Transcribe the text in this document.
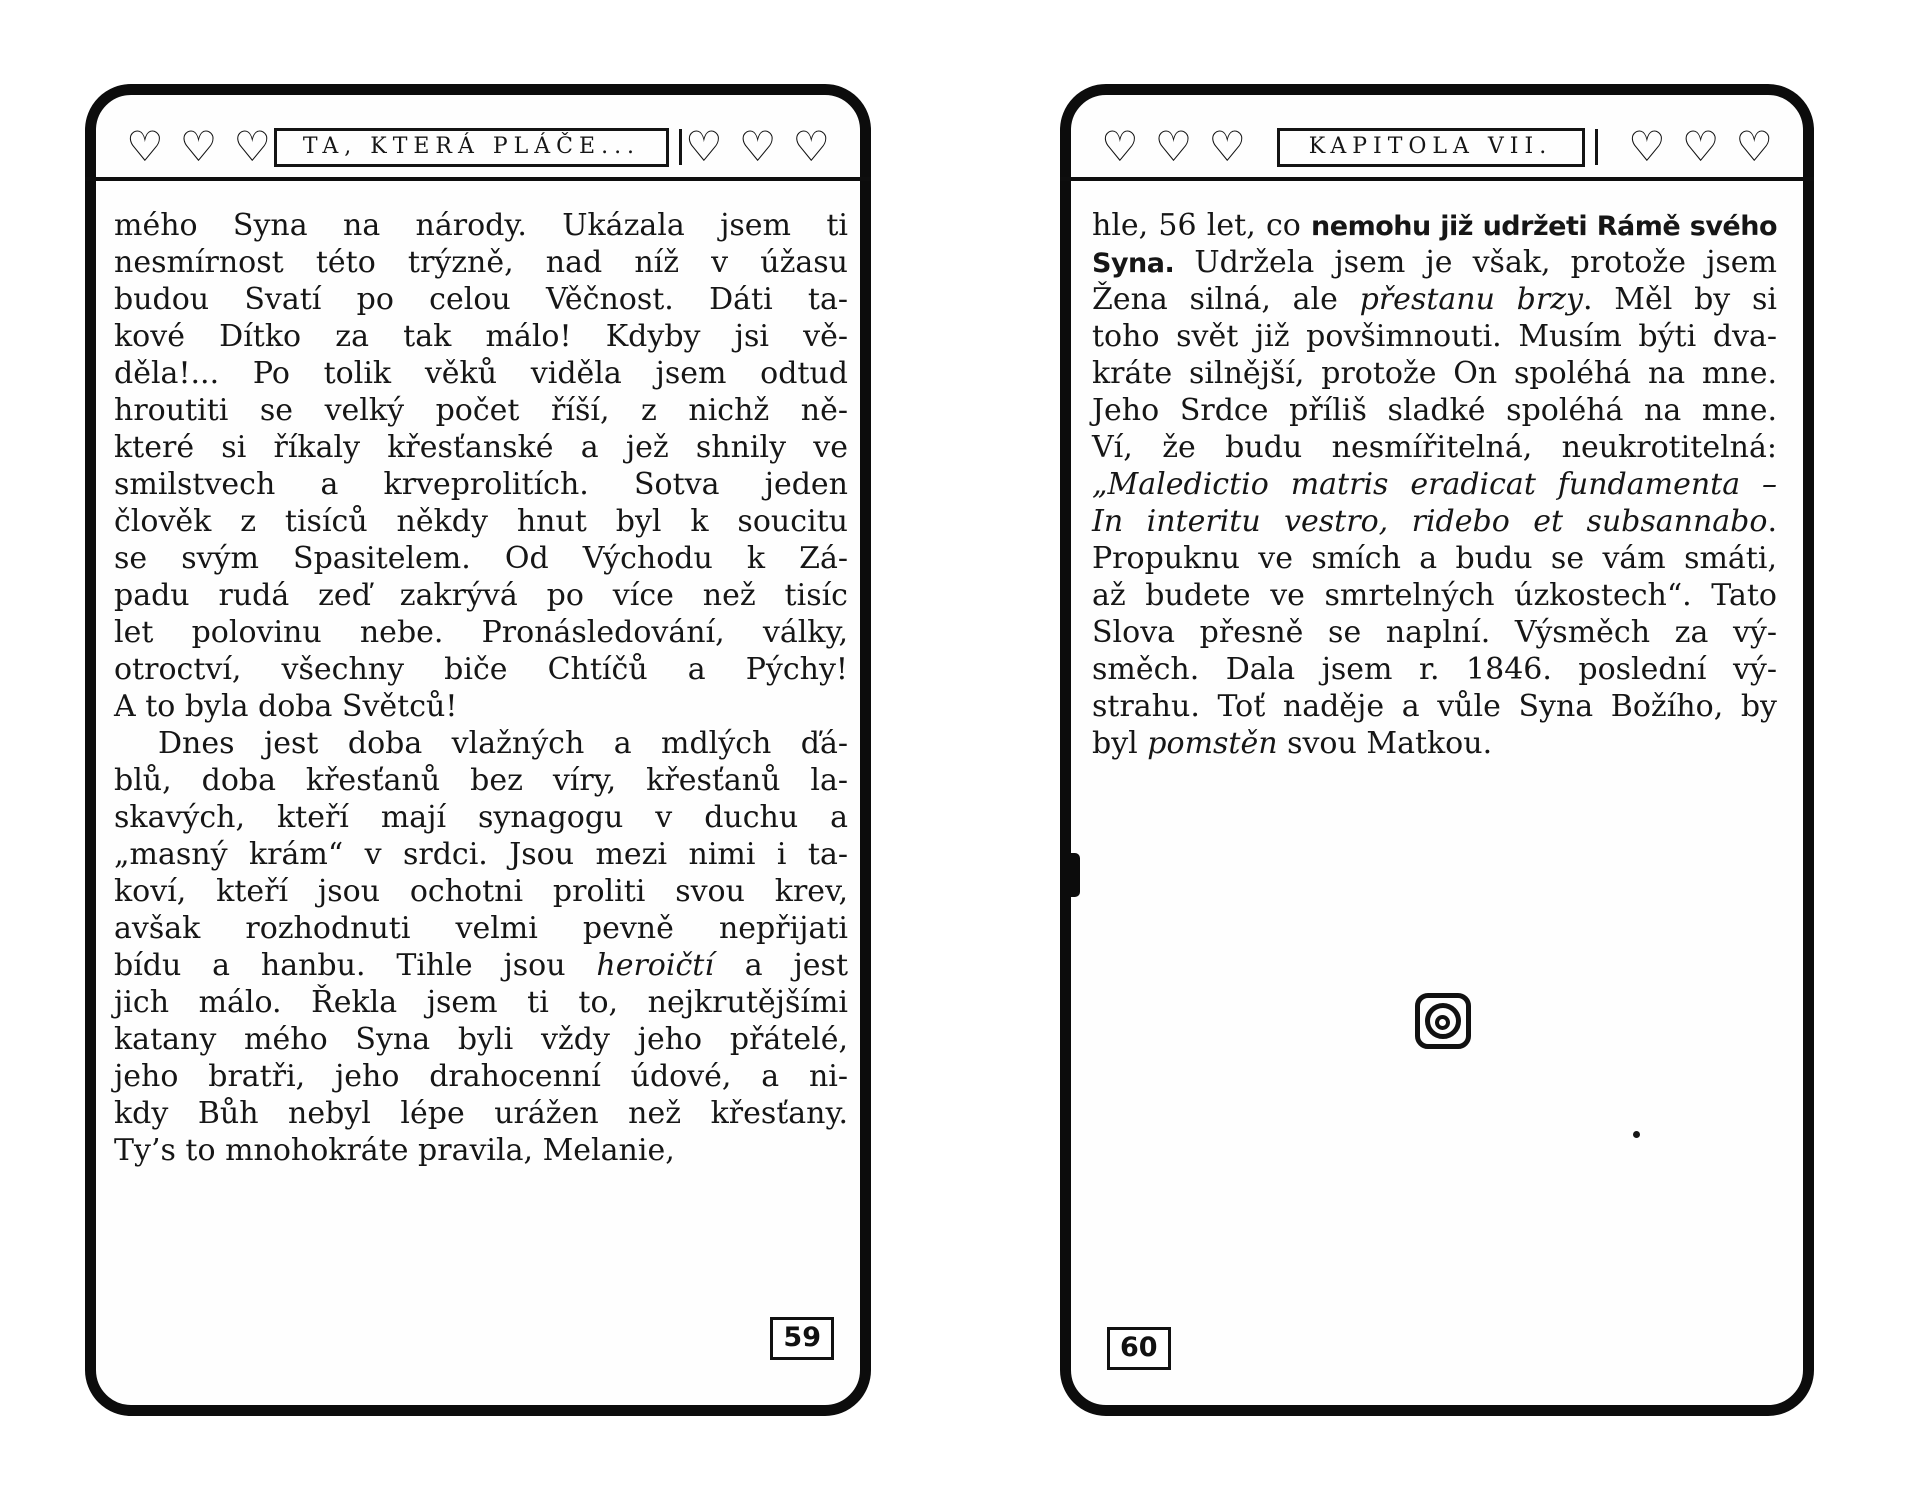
♡ ♡ ♡	TA, KTERÁ PLÁČE...	♡ ♡ ♡
mého Syna na národy. Ukázala jsem ti
nesmírnost této trýzně, nad níž v úžasu
budou Svatí po celou Věčnost. Dáti ta-
kové Dítko za tak málo! Kdyby jsi vě-
děla!... Po tolik věků viděla jsem odtud
hroutiti se velký počet říší, z nichž ně-
které si říkaly křesťanské a jež shnily ve
smilstvech a krveprolitích. Sotva jeden
člověk z tisíců někdy hnut byl k soucitu
se svým Spasitelem. Od Východu k Zá-
padu rudá zeď zakrývá po více než tisíc
let polovinu nebe. Pronásledování, války,
otroctví, všechny biče Chtíčů a Pýchy!
A to byla doba Světců!
Dnes jest doba vlažných a mdlých ďá-
blů, doba křesťanů bez víry, křesťanů la-
skavých, kteří mají synagogu v duchu a
„masný krám“ v srdci. Jsou mezi nimi i ta-
koví, kteří jsou ochotni proliti svou krev,
avšak rozhodnuti velmi pevně nepřijati
bídu a hanbu. Tihle jsou heroičtí a jest
jich málo. Řekla jsem ti to, nejkrutějšími
katany mého Syna byli vždy jeho přátelé,
jeho bratři, jeho drahocenní údové, a ni-
kdy Bůh nebyl lépe urážen než křesťany.
Ty’s to mnohokráte pravila, Melanie,
59
♡ ♡ ♡	KAPITOLA VII.	♡ ♡ ♡
hle, 56 let, co nemohu již udržeti Rámě svého
Syna. Udržela jsem je však, protože jsem
Žena silná, ale přestanu brzy. Měl by si
toho svět již povšimnouti. Musím býti dva-
kráte silnější, protože On spoléhá na mne.
Jeho Srdce příliš sladké spoléhá na mne.
Ví, že budu nesmířitelná, neukrotitelná:
„Maledictio matris eradicat fundamenta –
In interitu vestro, ridebo et subsannabo.
Propuknu ve smích a budu se vám smáti,
až budete ve smrtelných úzkostech“. Tato
Slova přesně se naplní. Výsměch za vý-
směch. Dala jsem r. 1846. poslední vý-
strahu. Toť naděje a vůle Syna Božího, by
byl pomstěn svou Matkou.
60
